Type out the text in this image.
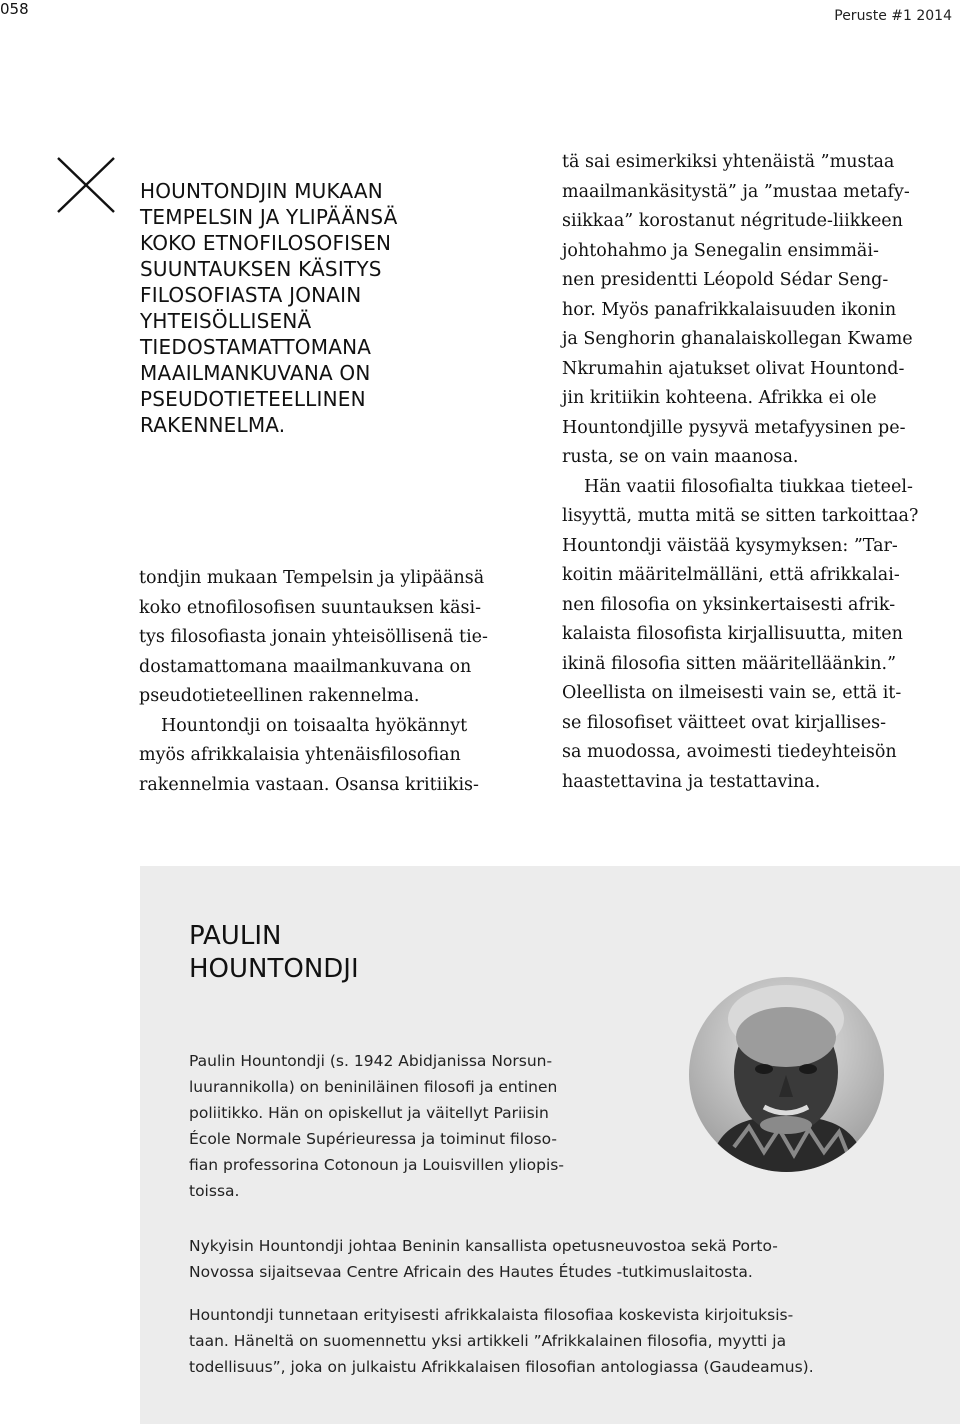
058	Peruste #1 2014
HOUNTONDJIN MUKAAN
TEMPELSIN JA YLIPÄÄNSÄ
KOKO ETNOFILOSOFISEN
SUUNTAUKSEN KÄSITYS
FILOSOFIASTA JONAIN
YHTEISÖLLISENÄ
TIEDOSTAMATTOMANA
MAAILMANKUVANA ON
PSEUDOTIETEELLINEN
RAKENNELMA.
tondjin mukaan Tempelsin ja ylipäänsä
koko etnofilosofisen suuntauksen käsi-
tys filosofiasta jonain yhteisöllisenä tie-
dostamattomana maailmankuvana on
pseudotieteellinen rakennelma.
Hountondji on toisaalta hyökännyt
myös afrikkalaisia yhtenäisfilosofian
rakennelmia vastaan. Osansa kritiikis-
tä sai esimerkiksi yhtenäistä ”mustaa
maailmankäsitystä” ja ”mustaa metafy-
siikkaa” korostanut négritude-liikkeen
johtohahmo ja Senegalin ensimmäi-
nen presidentti Léopold Sédar Seng-
hor. Myös panafrikkalaisuuden ikonin
ja Senghorin ghanalaiskollegan Kwame
Nkrumahin ajatukset olivat Hountond-
jin kritiikin kohteena. Afrikka ei ole
Hountondjille pysyvä metafyysinen pe-
rusta, se on vain maanosa.
Hän vaatii filosofialta tiukkaa tieteel-
lisyyttä, mutta mitä se sitten tarkoittaa?
Hountondji väistää kysymyksen: ”Tar-
koitin määritelmälläni, että afrikkalai-
nen filosofia on yksinkertaisesti afrik-
kalaista filosofista kirjallisuutta, miten
ikinä filosofia sitten määritelläänkin.”
Oleellista on ilmeisesti vain se, että it-
se filosofiset väitteet ovat kirjallises-
sa muodossa, avoimesti tiedeyhteisön
haastettavina ja testattavina.
PAULIN
HOUNTONDJI
Paulin Hountondji (s. 1942 Abidjanissa Norsun-
luurannikolla) on beniniläinen filosofi ja entinen
poliitikko. Hän on opiskellut ja väitellyt Pariisin
École Normale Supérieuressa ja toiminut filoso-
fian professorina Cotonoun ja Louisvillen yliopis-
toissa.
Nykyisin Hountondji johtaa Beninin kansallista opetusneuvostoa sekä Porto-
Novossa sijaitsevaa Centre Africain des Hautes Études -tutkimuslaitosta.
Hountondji tunnetaan erityisesti afrikkalaista filosofiaa koskevista kirjoituksis-
taan. Häneltä on suomennettu yksi artikkeli ”Afrikkalainen filosofia, myytti ja
todellisuus”, joka on julkaistu Afrikkalaisen filosofian antologiassa (Gaudeamus).
